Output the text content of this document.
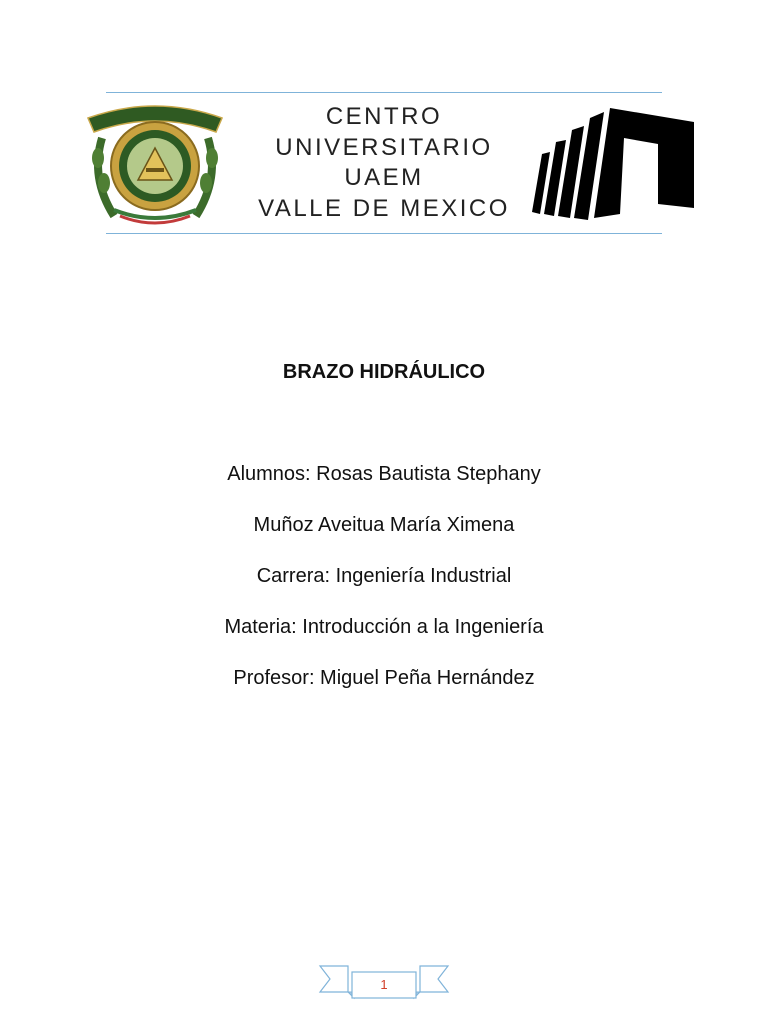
CENTRO
UNIVERSITARIO
UAEM
VALLE DE MEXICO
BRAZO HIDRÁULICO
Alumnos: Rosas Bautista Stephany
Muñoz Aveitua María Ximena
Carrera: Ingeniería Industrial
Materia: Introducción a la Ingeniería
Profesor: Miguel Peña Hernández
1
